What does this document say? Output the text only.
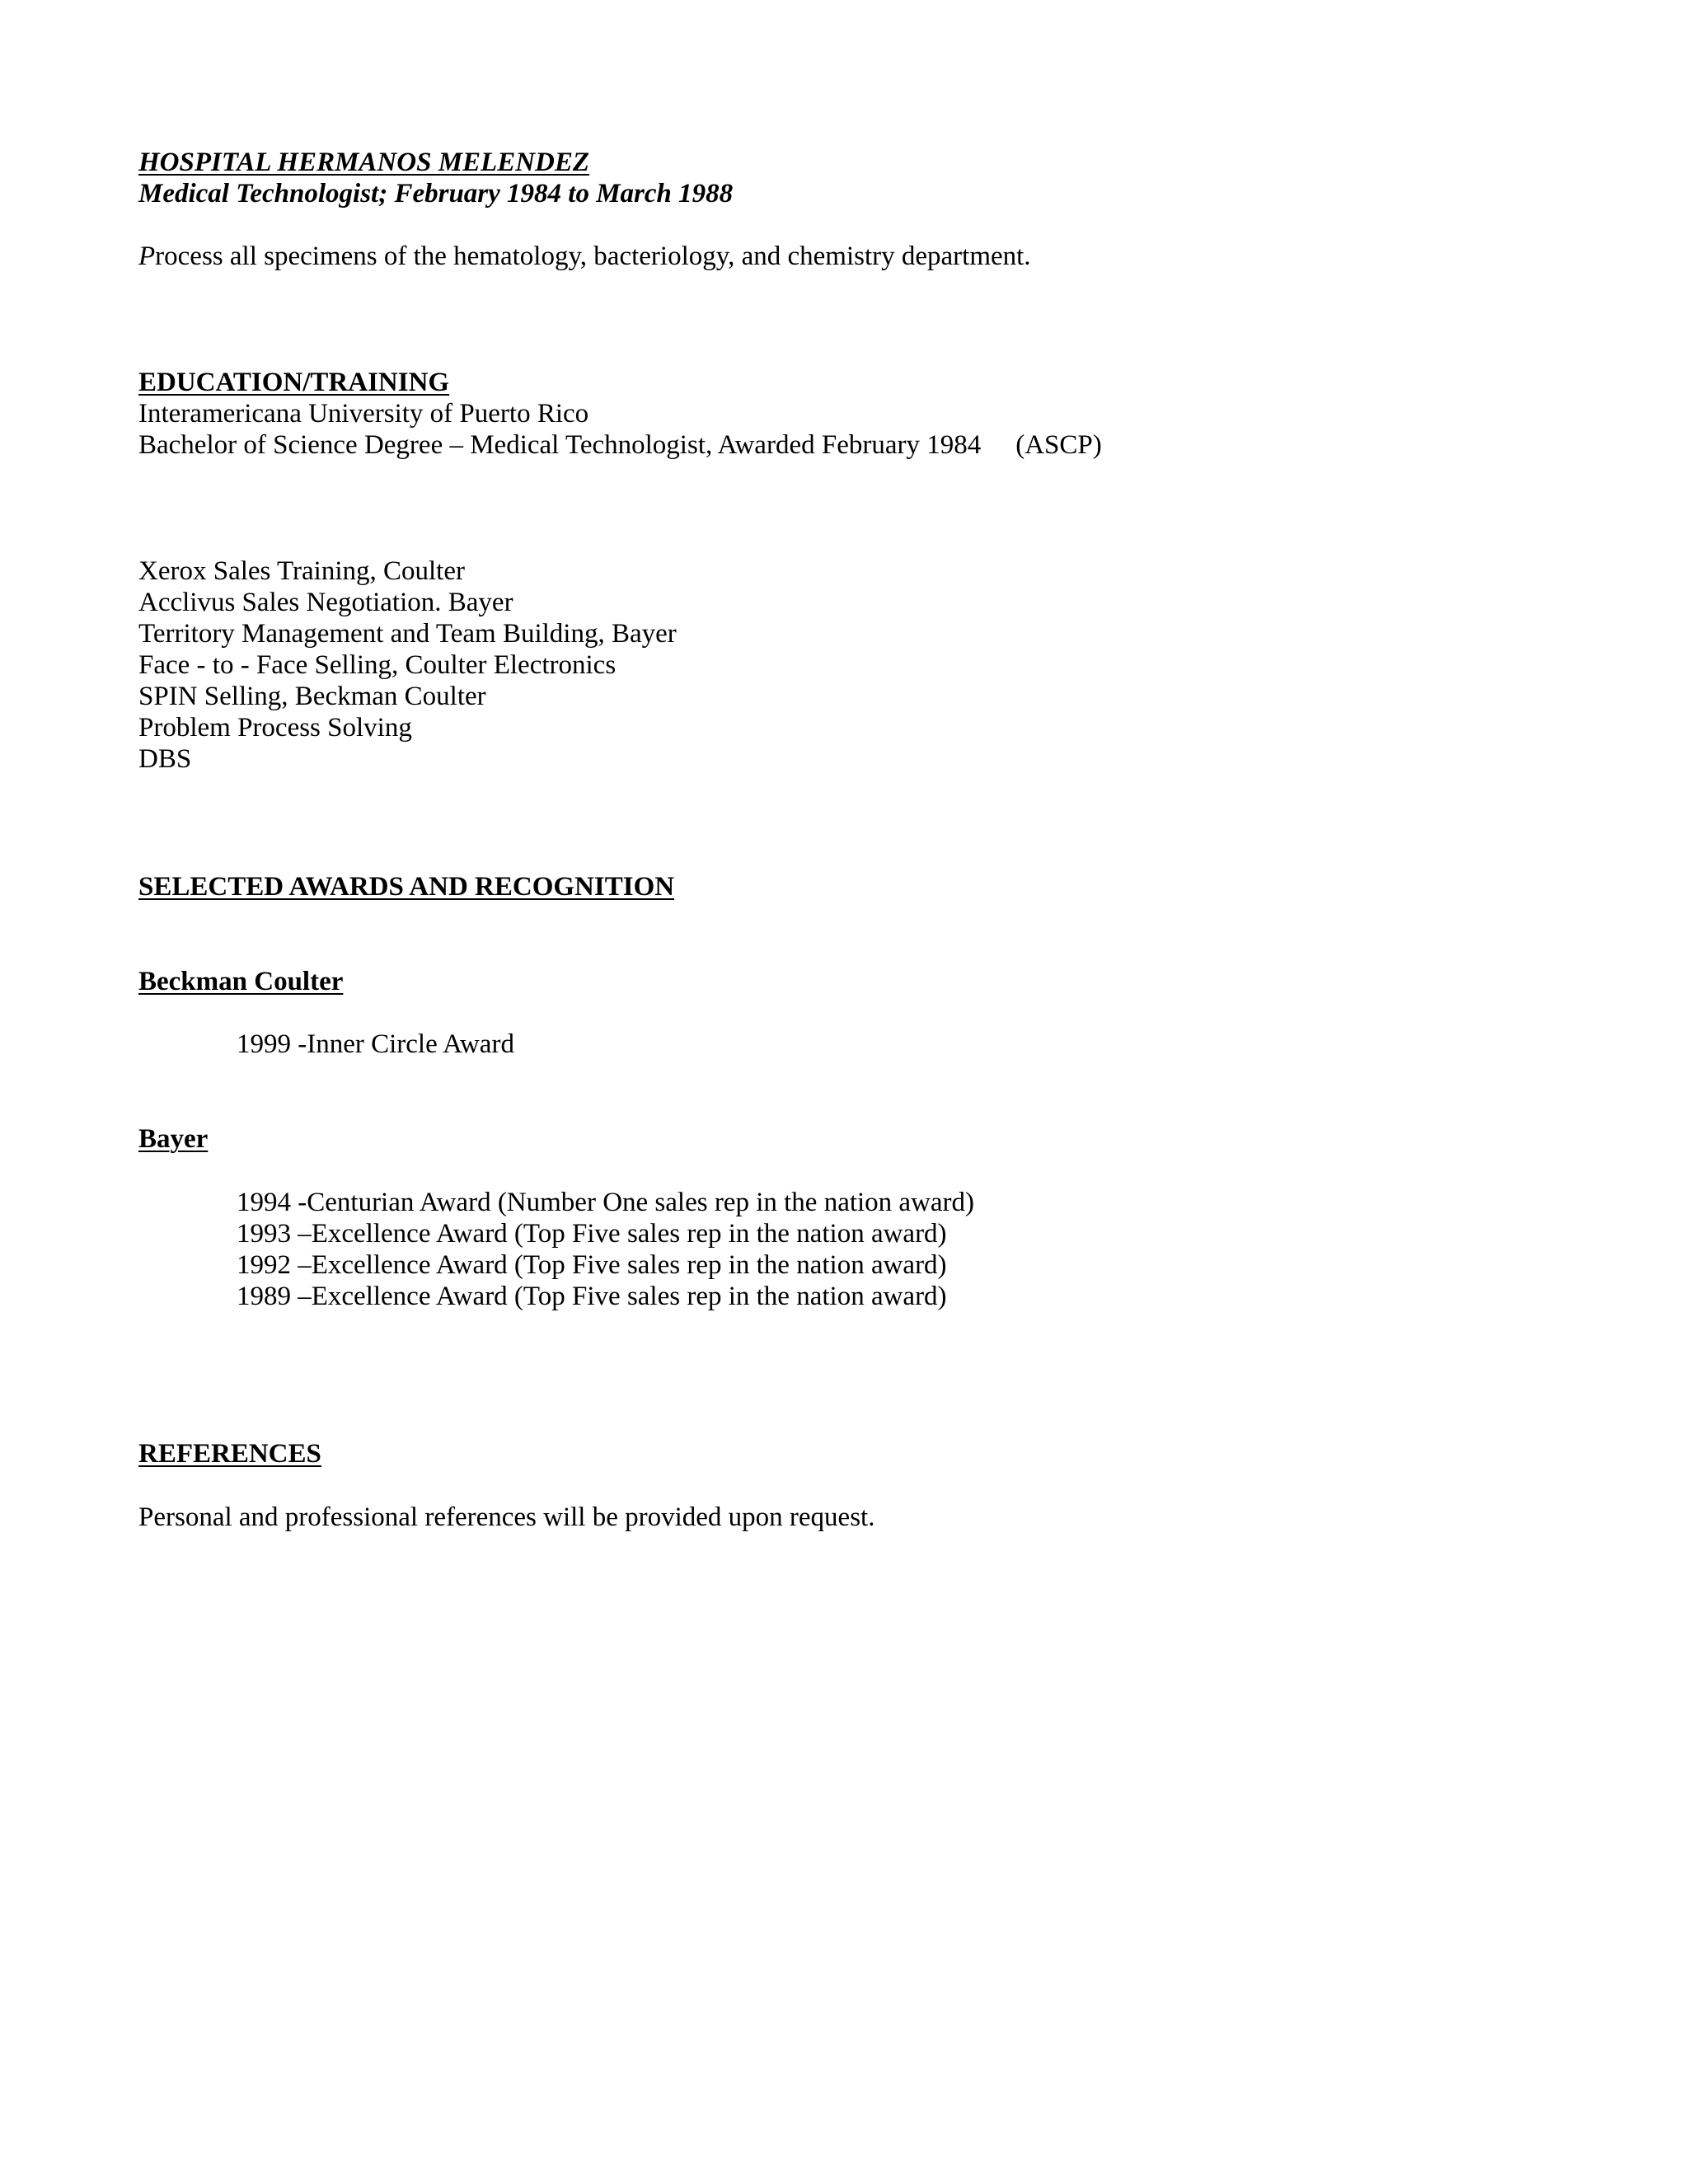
HOSPITAL HERMANOS MELENDEZ
Medical Technologist; February 1984 to March 1988
Process all specimens of the hematology, bacteriology, and chemistry department.
EDUCATION/TRAINING
Interamericana University of Puerto Rico
Bachelor of Science Degree – Medical Technologist, Awarded February 1984 (ASCP)
Xerox Sales Training, Coulter
Acclivus Sales Negotiation. Bayer
Territory Management and Team Building, Bayer
Face - to - Face Selling, Coulter Electronics
SPIN Selling, Beckman Coulter
Problem Process Solving
DBS
SELECTED AWARDS AND RECOGNITION
Beckman Coulter
1999 -Inner Circle Award
Bayer
1994 -Centurian Award (Number One sales rep in the nation award)
1993 –Excellence Award (Top Five sales rep in the nation award)
1992 –Excellence Award (Top Five sales rep in the nation award)
1989 –Excellence Award (Top Five sales rep in the nation award)
REFERENCES
Personal and professional references will be provided upon request.
